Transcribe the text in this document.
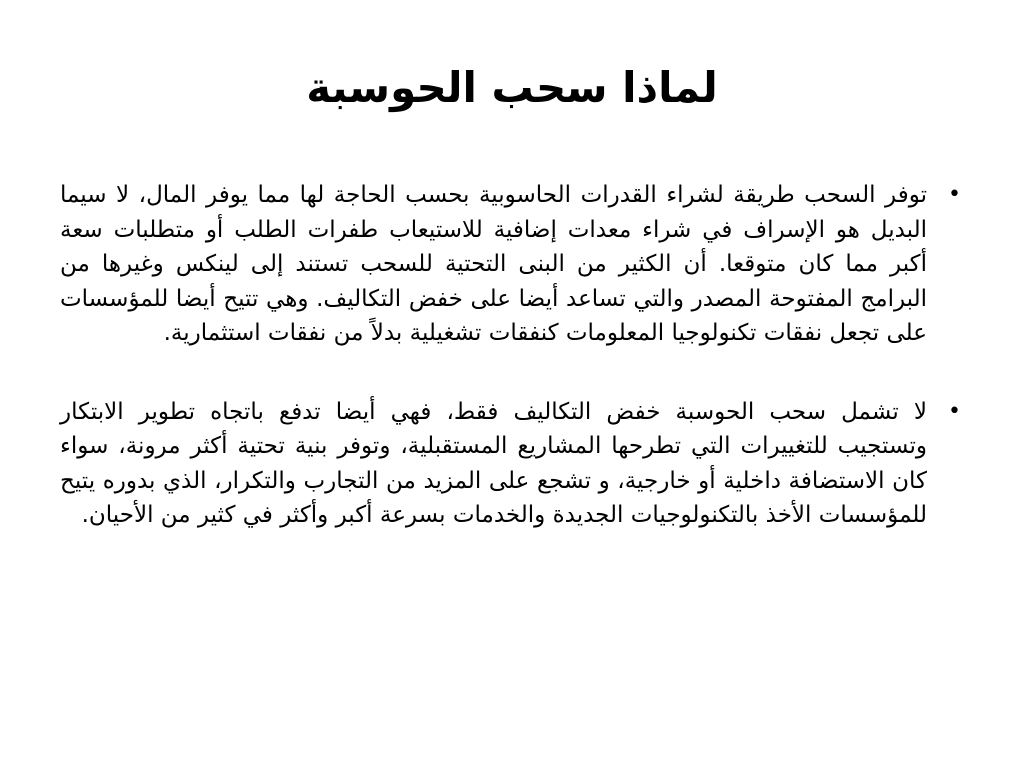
لماذا سحب الحوسبة
•
توفر السحب طريقة لشراء القدرات الحاسوبية بحسب الحاجة لها مما يوفر المال، لا سيما البديل هو الإسراف في شراء معدات إضافية للاستيعاب طفرات الطلب أو متطلبات سعة أكبر مما كان متوقعا. أن الكثير من البنى التحتية للسحب تستند إلى لينكس وغيرها من البرامج المفتوحة المصدر والتي تساعد أيضا على خفض التكاليف. وهي تتيح أيضا للمؤسسات على تجعل نفقات تكنولوجيا المعلومات كنفقات تشغيلية بدلاً من نفقات استثمارية.
•
لا تشمل سحب الحوسبة خفض التكاليف فقط، فهي أيضا تدفع باتجاه تطوير الابتكار وتستجيب للتغييرات التي تطرحها المشاريع المستقبلية، وتوفر بنية تحتية أكثر مرونة، سواء كان الاستضافة داخلية أو خارجية، و تشجع على المزيد من التجارب والتكرار، الذي بدوره يتيح للمؤسسات الأخذ بالتكنولوجيات الجديدة والخدمات بسرعة أكبر وأكثر في كثير من الأحيان.
